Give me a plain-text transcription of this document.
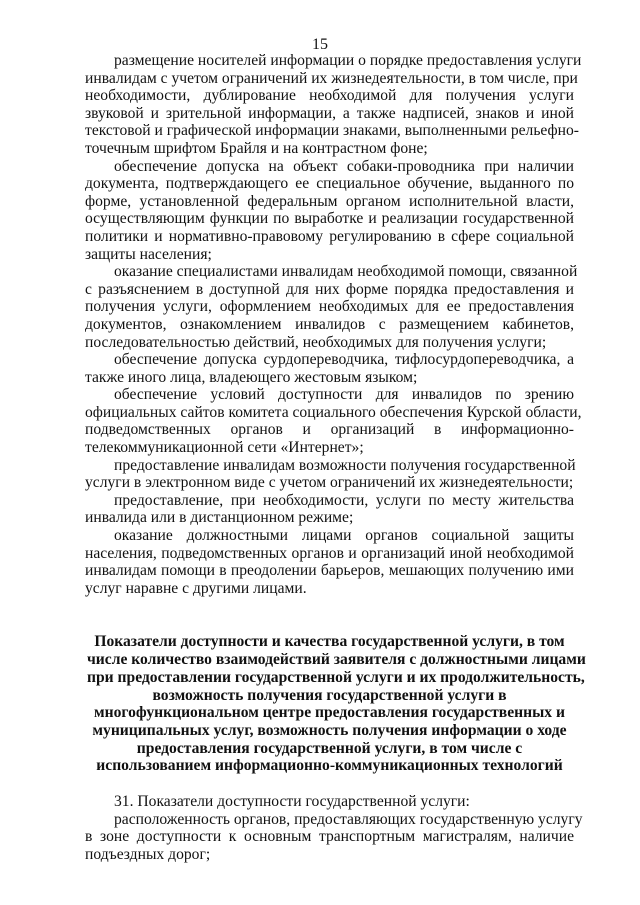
15
размещение носителей информации о порядке предоставления услуги
инвалидам с учетом ограничений их жизнедеятельности, в том числе, при
необходимости, дублирование необходимой для получения услуги
звуковой и зрительной информации, а также надписей, знаков и иной
текстовой и графической информации знаками, выполненными рельефно-
точечным шрифтом Брайля и на контрастном фоне;
обеспечение допуска на объект собаки-проводника при наличии
документа, подтверждающего ее специальное обучение, выданного по
форме, установленной федеральным органом исполнительной власти,
осуществляющим функции по выработке и реализации государственной
политики и нормативно-правовому регулированию в сфере социальной
защиты населения;
оказание специалистами инвалидам необходимой помощи, связанной
с разъяснением в доступной для них форме порядка предоставления и
получения услуги, оформлением необходимых для ее предоставления
документов, ознакомлением инвалидов с размещением кабинетов,
последовательностью действий, необходимых для получения услуги;
обеспечение допуска сурдопереводчика, тифлосурдопереводчика, а
также иного лица, владеющего жестовым языком;
обеспечение условий доступности для инвалидов по зрению
официальных сайтов комитета социального обеспечения Курской области,
подведомственных органов и организаций в информационно-
телекоммуникационной сети «Интернет»;
предоставление инвалидам возможности получения государственной
услуги в электронном виде с учетом ограничений их жизнедеятельности;
предоставление, при необходимости, услуги по месту жительства
инвалида или в дистанционном режиме;
оказание должностными лицами органов социальной защиты
населения, подведомственных органов и организаций иной необходимой
инвалидам помощи в преодолении барьеров, мешающих получению ими
услуг наравне с другими лицами.
Показатели доступности и качества государственной услуги, в том
числе количество взаимодействий заявителя с должностными лицами
при предоставлении государственной услуги и их продолжительность,
возможность получения государственной услуги в
многофункциональном центре предоставления государственных и
муниципальных услуг, возможность получения информации о ходе
предоставления государственной услуги, в том числе с
использованием информационно-коммуникационных технологий
31. Показатели доступности государственной услуги:
расположенность органов, предоставляющих государственную услугу
в зоне доступности к основным транспортным магистралям, наличие
подъездных дорог;
